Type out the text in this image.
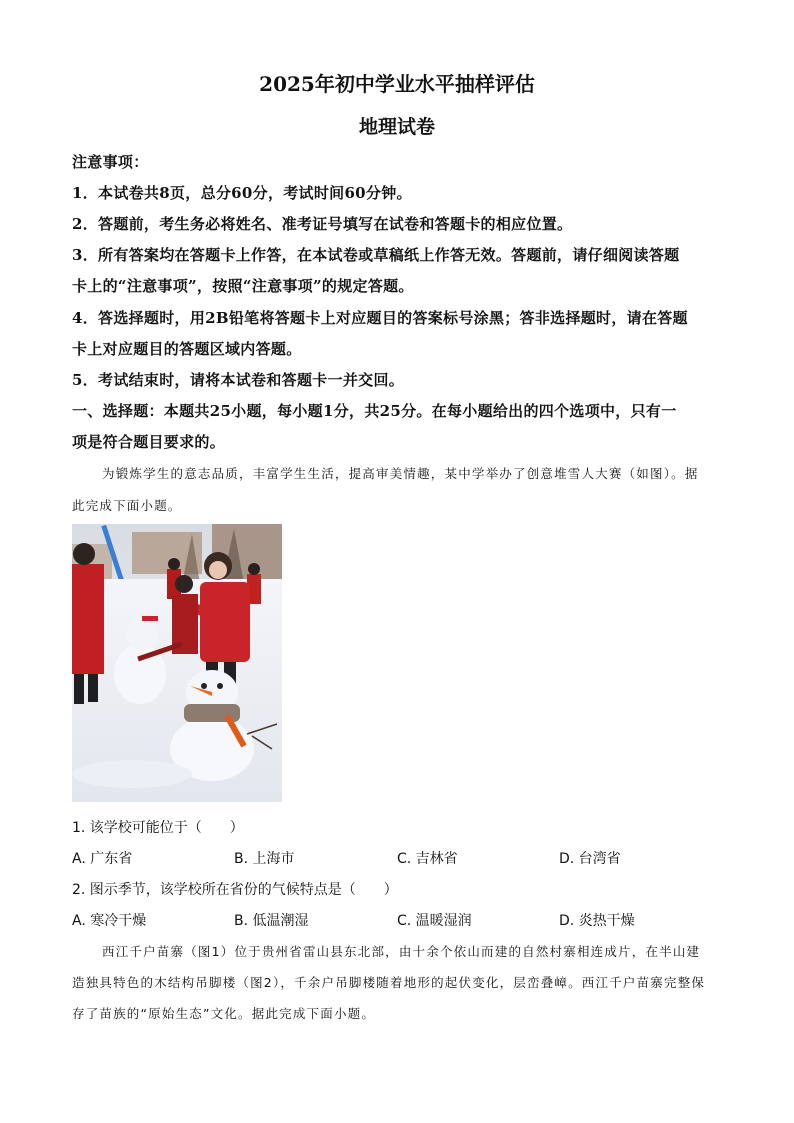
2025年初中学业水平抽样评估
地理试卷
注意事项：
1．本试卷共8页，总分60分，考试时间60分钟。
2．答题前，考生务必将姓名、准考证号填写在试卷和答题卡的相应位置。
3．所有答案均在答题卡上作答，在本试卷或草稿纸上作答无效。答题前，请仔细阅读答题
卡上的“注意事项”，按照“注意事项”的规定答题。
4．答选择题时，用2B铅笔将答题卡上对应题目的答案标号涂黑；答非选择题时，请在答题
卡上对应题目的答题区域内答题。
5．考试结束时，请将本试卷和答题卡一并交回。
一、选择题：本题共25小题，每小题1分，共25分。在每小题给出的四个选项中，只有一
项是符合题目要求的。
为锻炼学生的意志品质，丰富学生生活，提高审美情趣，某中学举办了创意堆雪人大赛（如图）。据
此完成下面小题。
1. 该学校可能位于（　　）
A. 广东省	B. 上海市	C. 吉林省	D. 台湾省
2. 图示季节，该学校所在省份的气候特点是（　　）
A. 寒冷干燥	B. 低温潮湿	C. 温暖湿润	D. 炎热干燥
西江千户苗寨（图1）位于贵州省雷山县东北部，由十余个依山而建的自然村寨相连成片，在半山建
造独具特色的木结构吊脚楼（图2），千余户吊脚楼随着地形的起伏变化，层峦叠嶂。西江千户苗寨完整保
存了苗族的“原始生态”文化。据此完成下面小题。
